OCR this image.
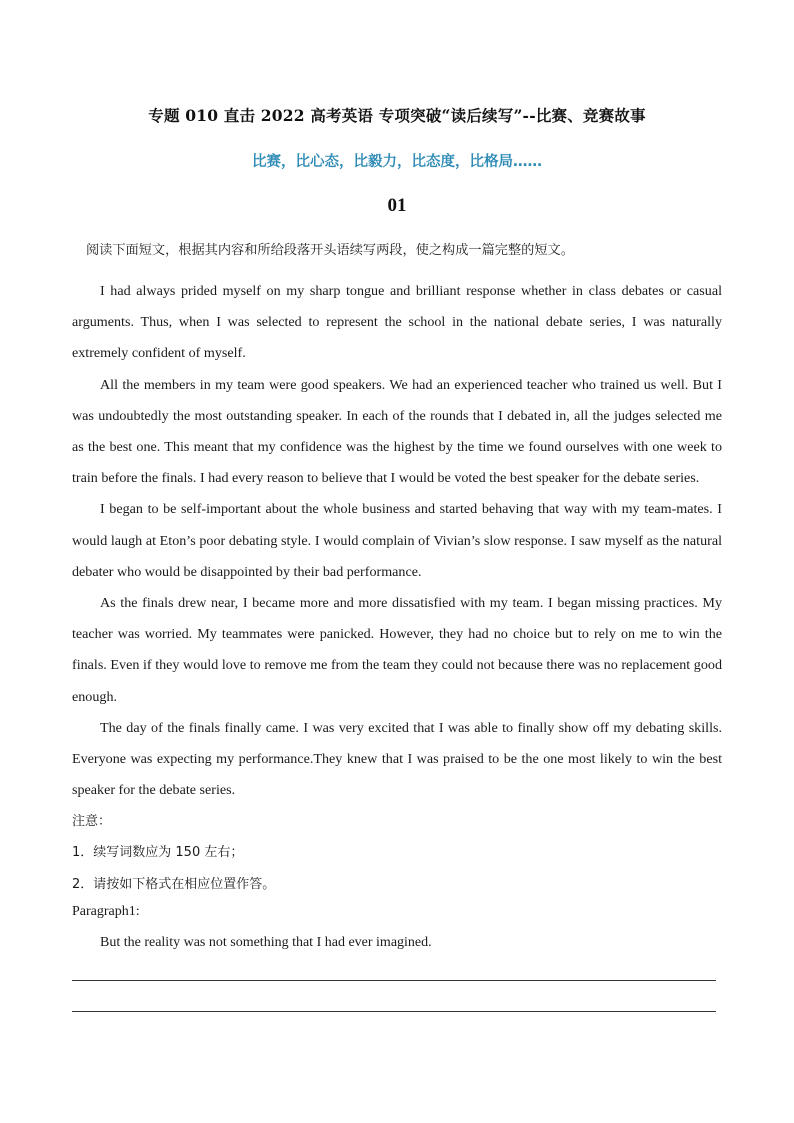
专题 010 直击 2022 高考英语 专项突破“读后续写”--比赛、竞赛故事
比赛，比心态，比毅力，比态度，比格局……
01
阅读下面短文，根据其内容和所给段落开头语续写两段，使之构成一篇完整的短文。

I had always prided myself on my sharp tongue and brilliant response whether in class debates or casual arguments. Thus, when I was selected to represent the school in the national debate series, I was naturally extremely confident of myself.

All the members in my team were good speakers. We had an experienced teacher who trained us well. But I was undoubtedly the most outstanding speaker. In each of the rounds that I debated in, all the judges selected me as the best one. This meant that my confidence was the highest by the time we found ourselves with one week to train before the finals. I had every reason to believe that I would be voted the best speaker for the debate series.

I began to be self-important about the whole business and started behaving that way with my team-mates. I would laugh at Eton’s poor debating style. I would complain of Vivian’s slow response. I saw myself as the natural debater who would be disappointed by their bad performance.

As the finals drew near, I became more and more dissatisfied with my team. I began missing practices. My teacher was worried. My teammates were panicked. However, they had no choice but to rely on me to win the finals. Even if they would love to remove me from the team they could not because there was no replacement good enough.

The day of the finals finally came. I was very excited that I was able to finally show off my debating skills. Everyone was expecting my performance.They knew that I was praised to be the one most likely to win the best speaker for the debate series.

注意：
1．续写词数应为 150 左右；
2．请按如下格式在相应位置作答。
Paragraph1:
But the reality was not something that I had ever imagined.
